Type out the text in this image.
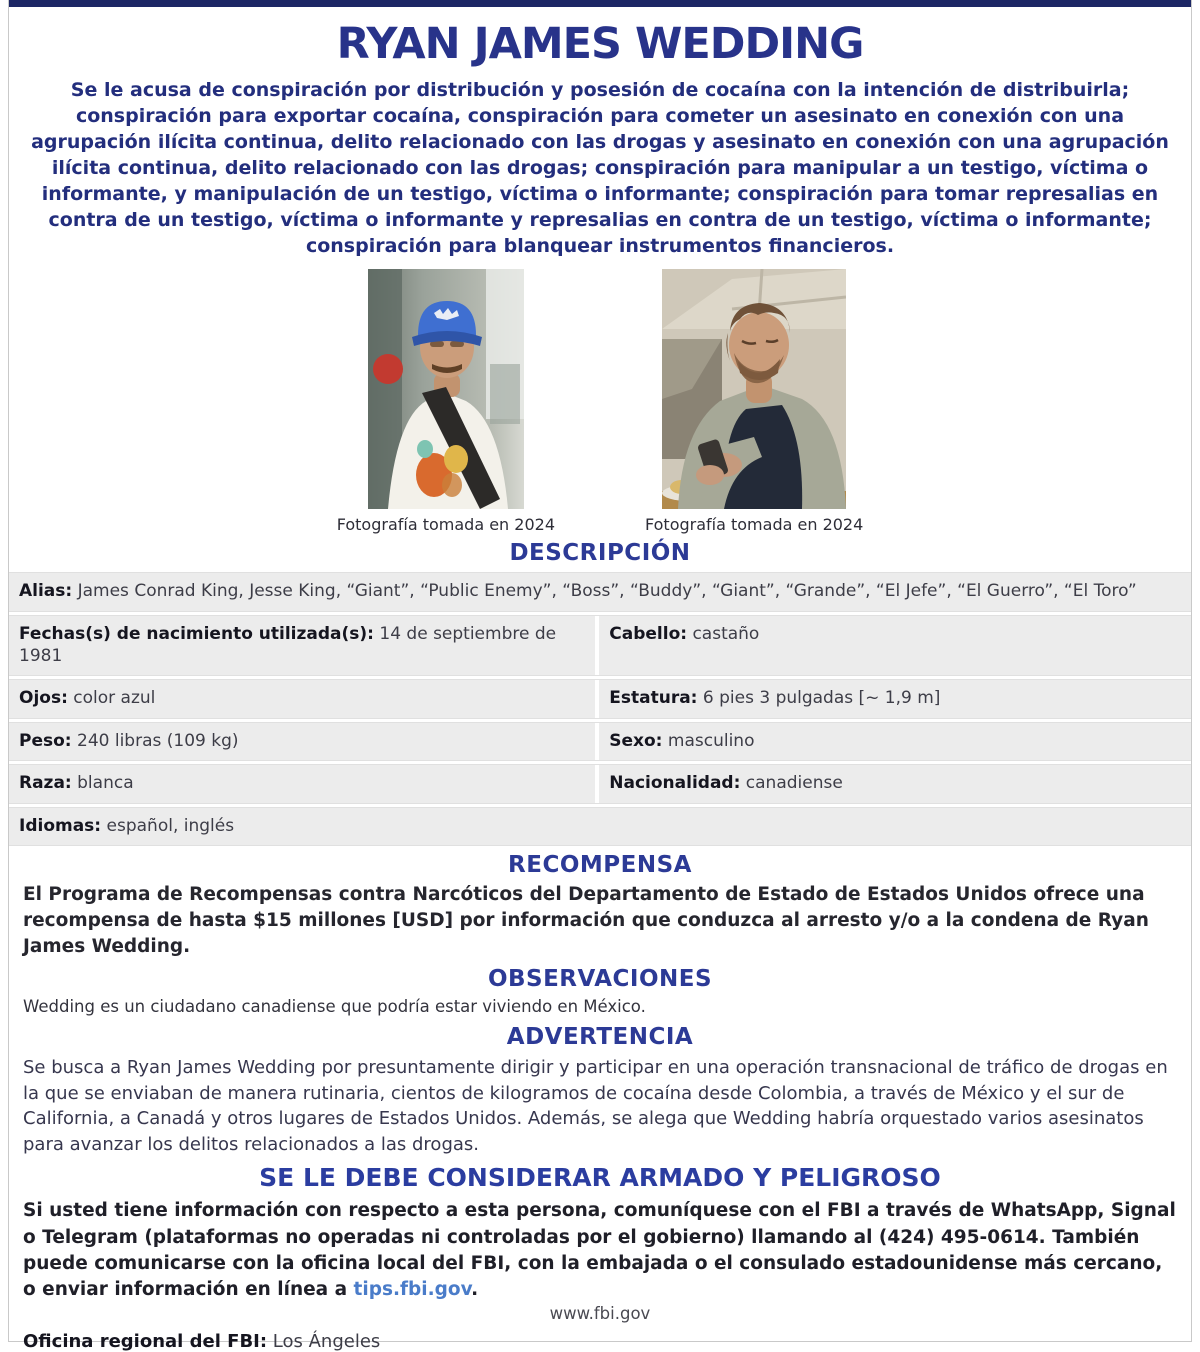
RYAN JAMES WEDDING
Se le acusa de conspiración por distribución y posesión de cocaína con la intención de distribuirla; conspiración para exportar cocaína, conspiración para cometer un asesinato en conexión con una agrupación ilícita continua, delito relacionado con las drogas y asesinato en conexión con una agrupación ilícita continua, delito relacionado con las drogas; conspiración para manipular a un testigo, víctima o informante, y manipulación de un testigo, víctima o informante; conspiración para tomar represalias en contra de un testigo, víctima o informante y represalias en contra de un testigo, víctima o informante; conspiración para blanquear instrumentos financieros.
Fotografía tomada en 2024	Fotografía tomada en 2024
DESCRIPCIÓN
Alias: James Conrad King, Jesse King, “Giant”, “Public Enemy”, “Boss”, “Buddy”, “Giant”, “Grande”, “El Jefe”, “El Guerro”, “El Toro”
Fechas(s) de nacimiento utilizada(s): 14 de septiembre de 1981
Cabello: castaño
Ojos: color azul	Estatura: 6 pies 3 pulgadas [~ 1,9 m]
Peso: 240 libras (109 kg)	Sexo: masculino
Raza: blanca	Nacionalidad: canadiense
Idiomas: español, inglés
RECOMPENSA
El Programa de Recompensas contra Narcóticos del Departamento de Estado de Estados Unidos ofrece una recompensa de hasta $15 millones [USD] por información que conduzca al arresto y/o a la condena de Ryan James Wedding.
OBSERVACIONES
Wedding es un ciudadano canadiense que podría estar viviendo en México.
ADVERTENCIA
Se busca a Ryan James Wedding por presuntamente dirigir y participar en una operación transnacional de tráfico de drogas en la que se enviaban de manera rutinaria, cientos de kilogramos de cocaína desde Colombia, a través de México y el sur de California, a Canadá y otros lugares de Estados Unidos. Además, se alega que Wedding habría orquestado varios asesinatos para avanzar los delitos relacionados a las drogas.
SE LE DEBE CONSIDERAR ARMADO Y PELIGROSO
Si usted tiene información con respecto a esta persona, comuníquese con el FBI a través de WhatsApp, Signal o Telegram (plataformas no operadas ni controladas por el gobierno) llamando al (424) 495-0614. También puede comunicarse con la oficina local del FBI, con la embajada o el consulado estadounidense más cercano, o enviar información en línea a tips.fbi.gov.
Oficina regional del FBI: Los Ángeles
www.fbi.gov
